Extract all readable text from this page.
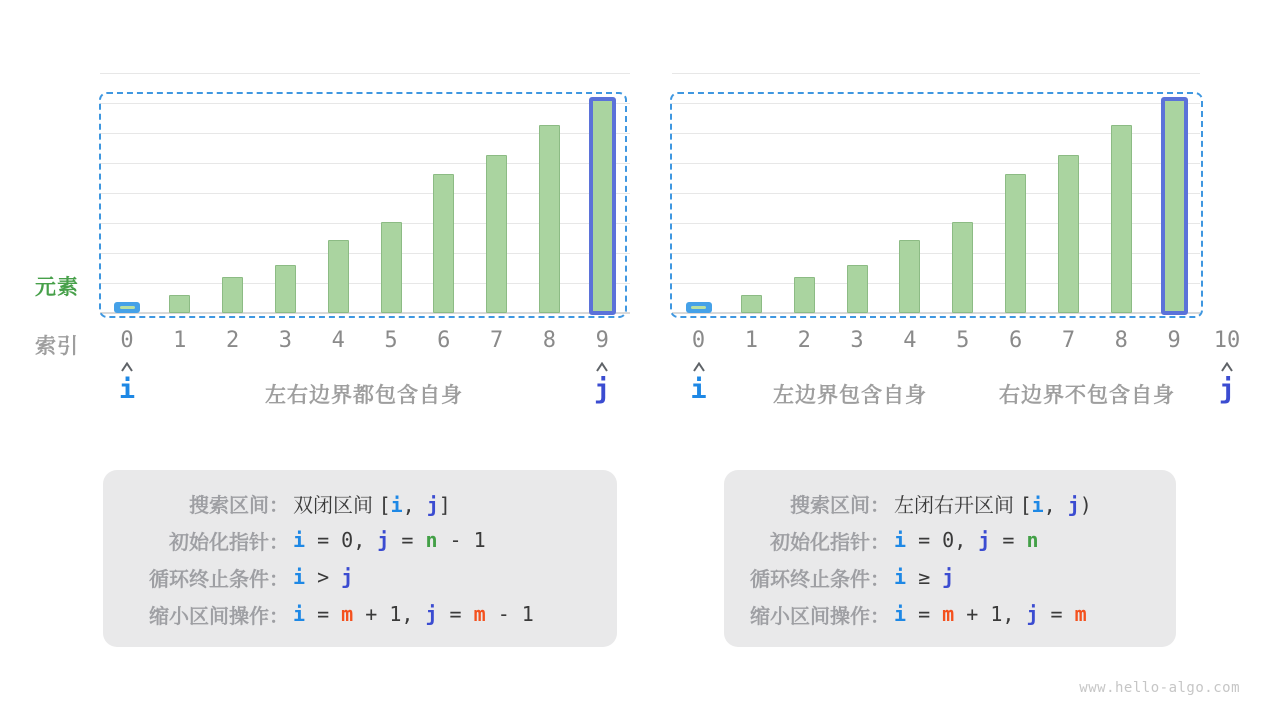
元素
索引	0	1	2	3	4	5	6	7	8	9
i	j
左右边界都包含自身
0	1	2	3	4	5	6	7	8	9	10
i	j
左边界包含自身	右边界不包含自身
搜索区间： 双闭区间 [i, j]
初始化指针： i = 0, j = n - 1
循环终止条件： i > j
缩小区间操作： i = m + 1, j = m - 1
搜索区间： 左闭右开区间 [i, j)
初始化指针： i = 0, j = n
循环终止条件： i ≥ j
缩小区间操作： i = m + 1, j = m
www.hello-algo.com
